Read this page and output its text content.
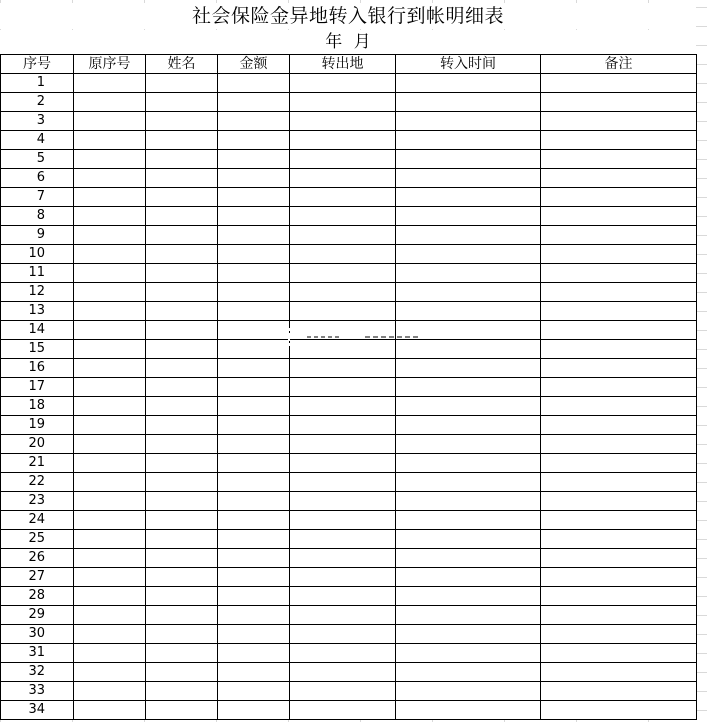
社会保险金异地转入银行到帐明细表
年 月
序号	原序号	姓名	金额	转出地	转入时间	备注
1						
2						
3						
4						
5						
6						
7						
8						
9						
10						
11						
12						
13						
14						
15						
16						
17						
18						
19						
20						
21						
22						
23						
24						
25						
26						
27						
28						
29						
30						
31						
32						
33						
34						
